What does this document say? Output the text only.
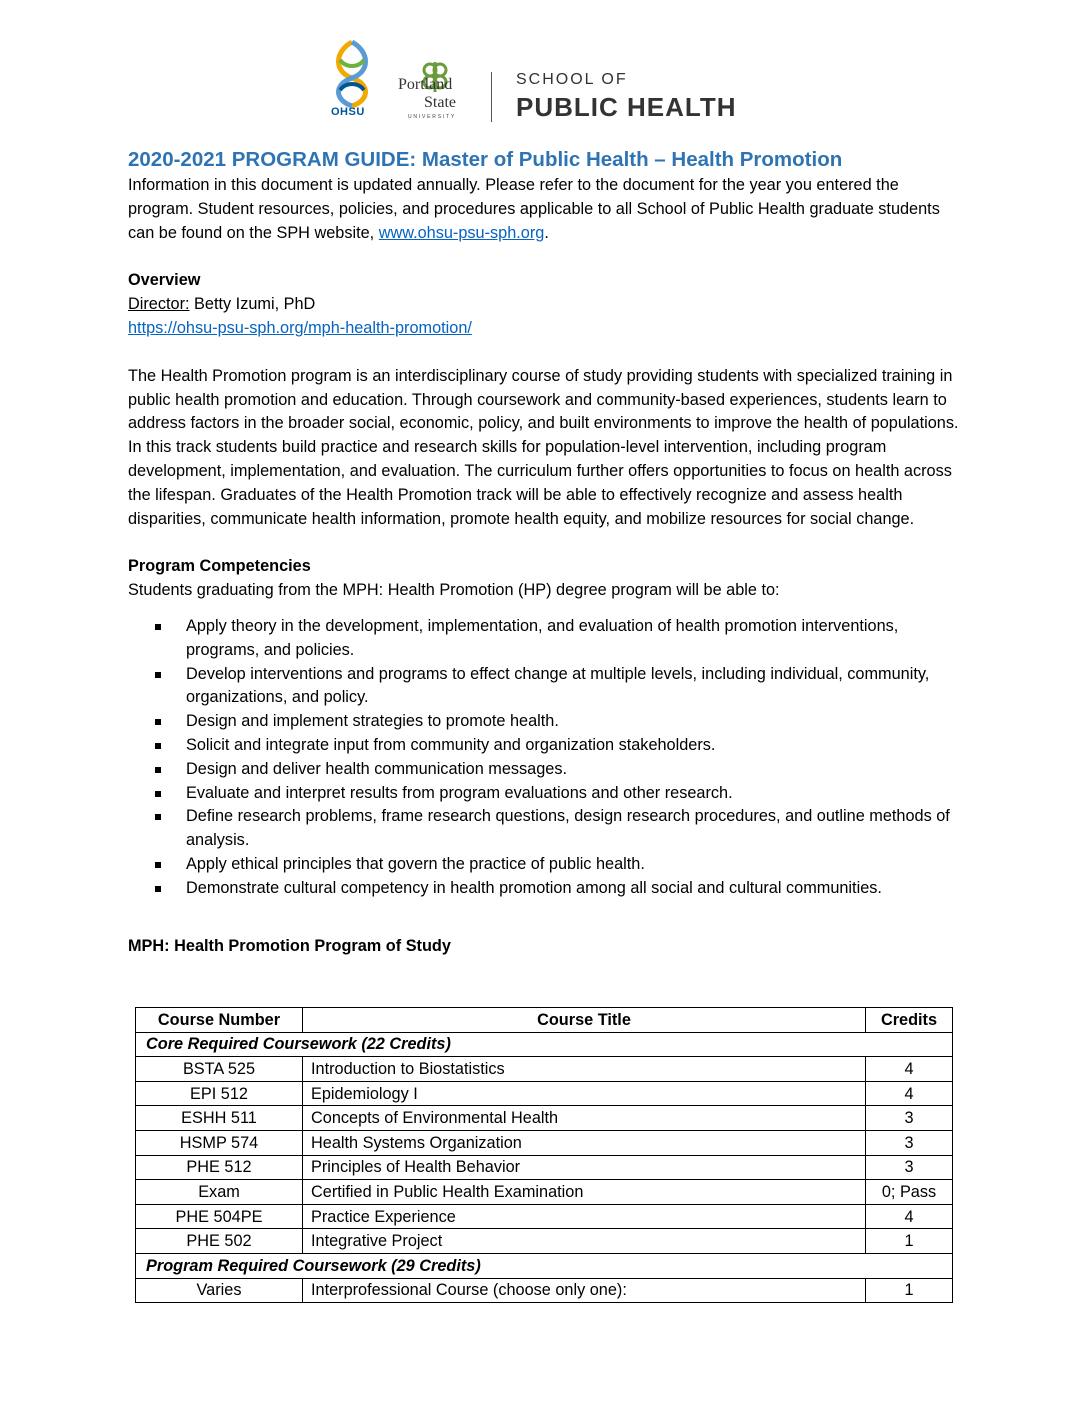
OHSU
Portland
State
UNIVERSITY
SCHOOL OF
PUBLIC HEALTH
2020-2021 PROGRAM GUIDE: Master of Public Health – Health Promotion

Information in this document is updated annually. Please refer to the document for the year you entered the program. Student resources, policies, and procedures applicable to all School of Public Health graduate students can be found on the SPH website, www.ohsu-psu-sph.org.

Overview

Director: Betty Izumi, PhD

https://ohsu-psu-sph.org/mph-health-promotion/

The Health Promotion program is an interdisciplinary course of study providing students with specialized training in public health promotion and education. Through coursework and community-based experiences, students learn to address factors in the broader social, economic, policy, and built environments to improve the health of populations. In this track students build practice and research skills for population-level intervention, including program development, implementation, and evaluation. The curriculum further offers opportunities to focus on health across the lifespan. Graduates of the Health Promotion track will be able to effectively recognize and assess health disparities, communicate health information, promote health equity, and mobilize resources for social change.

Program Competencies

Students graduating from the MPH: Health Promotion (HP) degree program will be able to:

Apply theory in the development, implementation, and evaluation of health promotion interventions, programs, and policies.
Develop interventions and programs to effect change at multiple levels, including individual, community, organizations, and policy.
Design and implement strategies to promote health.
Solicit and integrate input from community and organization stakeholders.
Design and deliver health communication messages.
Evaluate and interpret results from program evaluations and other research.
Define research problems, frame research questions, design research procedures, and outline methods of analysis.
Apply ethical principles that govern the practice of public health.
Demonstrate cultural competency in health promotion among all social and cultural communities.
MPH: Health Promotion Program of Study
Course Number	Course Title	Credits
Core Required Coursework (22 Credits)		
BSTA 525	Introduction to Biostatistics	4
EPI 512	Epidemiology I	4
ESHH 511	Concepts of Environmental Health	3
HSMP 574	Health Systems Organization	3
PHE 512	Principles of Health Behavior	3
Exam	Certified in Public Health Examination	0; Pass
PHE 504PE	Practice Experience	4
PHE 502	Integrative Project	1
Program Required Coursework (29 Credits)		
Varies	Interprofessional Course (choose only one):	1
